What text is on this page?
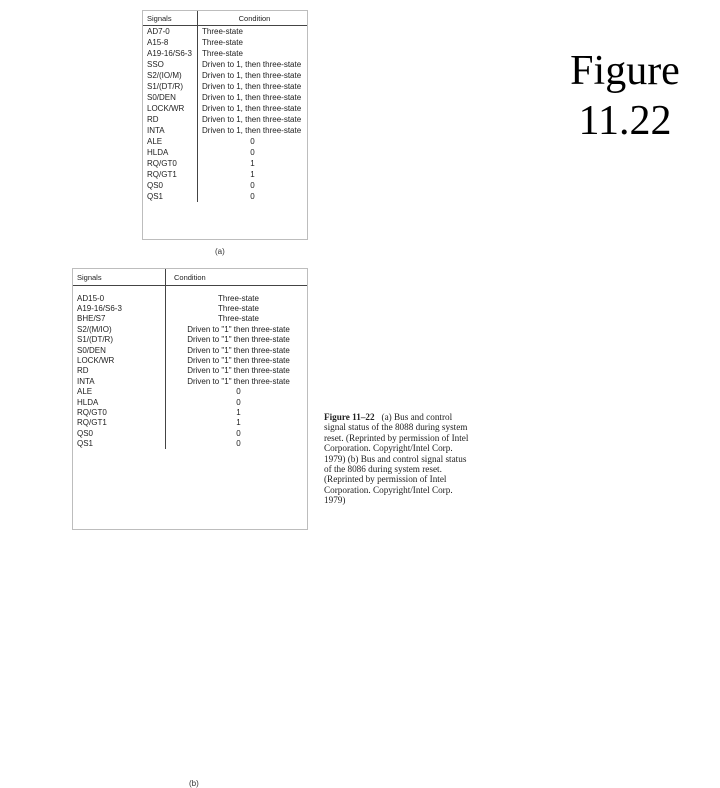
Figure
11.22
Signals	Condition
AD7-0	Three-state
A15-8	Three-state
A19-16/S6-3	Three-state
SSO	Driven to 1, then three-state
S2/(IO/M)	Driven to 1, then three-state
S1/(DT/R)	Driven to 1, then three-state
S0/DEN	Driven to 1, then three-state
LOCK/WR	Driven to 1, then three-state
RD	Driven to 1, then three-state
INTA	Driven to 1, then three-state
ALE	0
HLDA	0
RQ/GT0	1
RQ/GT1	1
QS0	0
QS1	0
(a)
Signals	Condition

AD15-0	Three-state
A19-16/S6-3	Three-state
BHE/S7	Three-state
S2/(M/IO)	Driven to "1" then three-state
S1/(DT/R)	Driven to "1" then three-state
S0/DEN	Driven to "1" then three-state
LOCK/WR	Driven to "1" then three-state
RD	Driven to "1" then three-state
INTA	Driven to "1" then three-state
ALE	0
HLDA	0
RQ/GT0	1
RQ/GT1	1
QS0	0
QS1	0
(b)
Figure 11–22 (a) Bus and control signal status of the 8088 during system reset. (Reprinted by permission of Intel Corporation. Copyright/Intel Corp. 1979) (b) Bus and control signal status of the 8086 during system reset. (Reprinted by permission of Intel Corporation. Copyright/Intel Corp. 1979)
